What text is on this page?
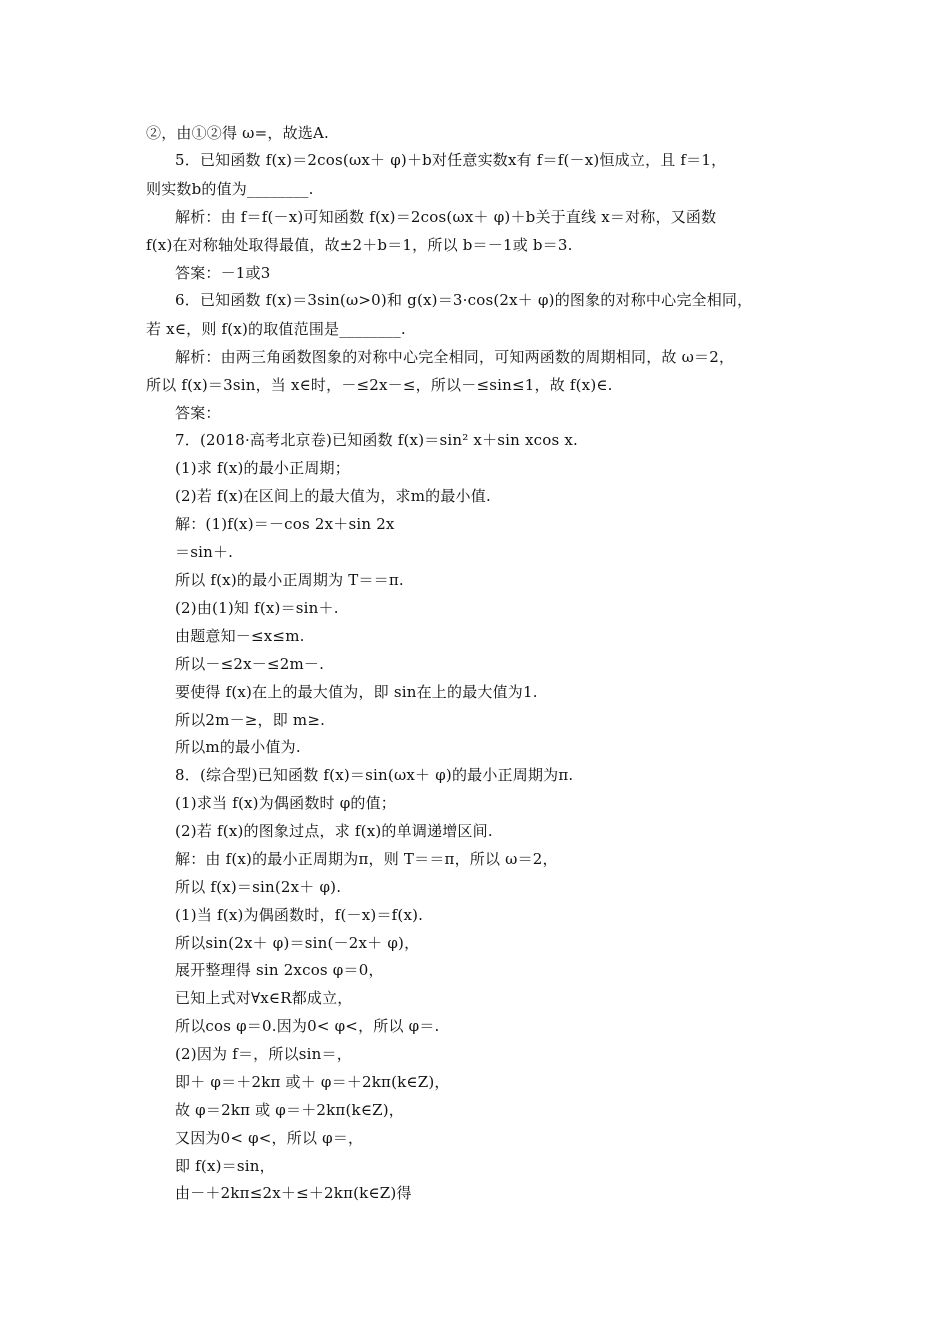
②，由①②得 ω=，故选A.
5．已知函数 f(x)＝2cos(ωx＋ φ)＋b对任意实数x有 f＝f(－x)恒成立，且 f＝1，
则实数b的值为________.
解析：由 f＝f(－x)可知函数 f(x)＝2cos(ωx＋ φ)＋b关于直线 x＝对称，又函数
f(x)在对称轴处取得最值，故±2＋b＝1，所以 b＝－1或 b＝3.
答案：－1或3
6．已知函数 f(x)＝3sin(ω>0)和 g(x)＝3·cos(2x＋ φ)的图象的对称中心完全相同，
若 x∈，则 f(x)的取值范围是________.
解析：由两三角函数图象的对称中心完全相同，可知两函数的周期相同，故 ω＝2，
所以 f(x)＝3sin，当 x∈时，－≤2x－≤，所以－≤sin≤1，故 f(x)∈.
答案：
7．(2018·高考北京卷)已知函数 f(x)＝sin² x＋sin xcos x.
(1)求 f(x)的最小正周期；
(2)若 f(x)在区间上的最大值为，求m的最小值.
解：(1)f(x)＝－cos 2x＋sin 2x
＝sin＋.
所以 f(x)的最小正周期为 T＝＝π.
(2)由(1)知 f(x)＝sin＋.
由题意知－≤x≤m.
所以－≤2x－≤2m－.
要使得 f(x)在上的最大值为，即 sin在上的最大值为1.
所以2m－≥，即 m≥.
所以m的最小值为.
8．(综合型)已知函数 f(x)＝sin(ωx＋ φ)的最小正周期为π.
(1)求当 f(x)为偶函数时 φ的值；
(2)若 f(x)的图象过点，求 f(x)的单调递增区间.
解：由 f(x)的最小正周期为π，则 T＝＝π，所以 ω＝2，
所以 f(x)＝sin(2x＋ φ).
(1)当 f(x)为偶函数时，f(－x)＝f(x).
所以sin(2x＋ φ)＝sin(－2x＋ φ)，
展开整理得 sin 2xcos φ＝0，
已知上式对∀x∈R都成立，
所以cos φ＝0.因为0< φ<，所以 φ＝.
(2)因为 f＝，所以sin＝，
即＋ φ＝＋2kπ 或＋ φ＝＋2kπ(k∈Z)，
故 φ＝2kπ 或 φ＝＋2kπ(k∈Z)，
又因为0< φ<，所以 φ＝，
即 f(x)＝sin，
由－＋2kπ≤2x＋≤＋2kπ(k∈Z)得
